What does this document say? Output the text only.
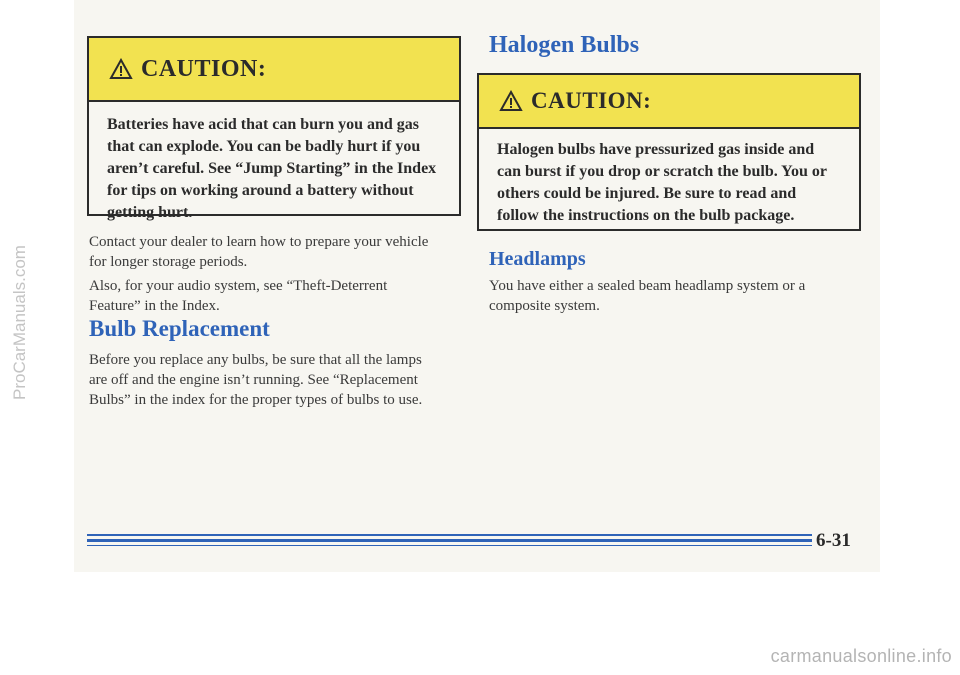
CAUTION:
Batteries have acid that can burn you and gas
that can explode. You can be badly hurt if you
aren’t careful. See “Jump Starting” in the Index
for tips on working around a battery without
getting hurt.
Contact your dealer to learn how to prepare your vehicle
for longer storage periods.
Also, for your audio system, see “Theft-Deterrent
Feature” in the Index.
Bulb Replacement
Before you replace any bulbs, be sure that all the lamps
are off and the engine isn’t running. See “Replacement
Bulbs” in the index for the proper types of bulbs to use.
Halogen Bulbs
CAUTION:
Halogen bulbs have pressurized gas inside and
can burst if you drop or scratch the bulb. You or
others could be injured. Be sure to read and
follow the instructions on the bulb package.
Headlamps
You have either a sealed beam headlamp system or a
composite system.
6-31
ProCarManuals.com
carmanualsonline.info
